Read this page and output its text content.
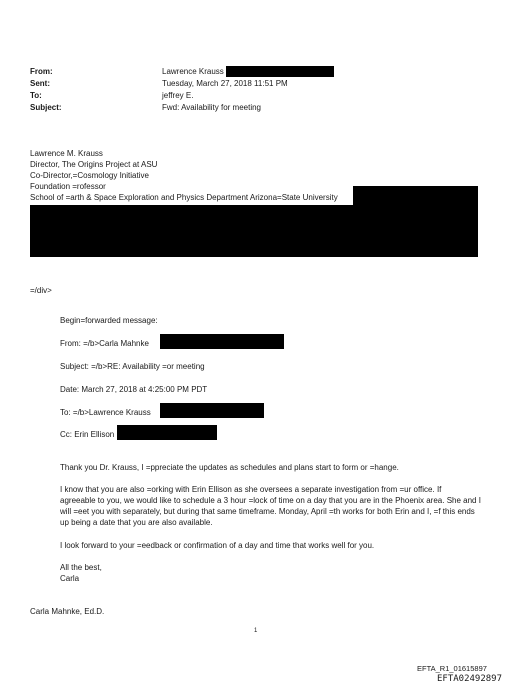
From:
Sent:
To:
Subject:
Lawrence Krauss
Tuesday, March 27, 2018 11:51 PM
jeffrey E.
Fwd: Availability for meeting
Lawrence M. Krauss
Director, The Origins Project at ASU
Co-Director,=Cosmology Initiative
Foundation =rofessor
School of =arth & Space Exploration and Physics Department Arizona=State University
=/div>
Begin=forwarded message:
From: =/b>Carla Mahnke
Subject: =/b>RE: Availability =or meeting
Date: March 27, 2018 at 4:25:00 PM PDT
To: =/b>Lawrence Krauss
Cc: Erin Ellison
Thank you Dr. Krauss, I =ppreciate the updates as schedules and plans start to form or =hange.
I know that you are also =orking with Erin Ellison as she oversees a separate investigation from =ur office. If
agreeable to you, we would like to schedule a 3 hour =lock of time on a day that you are in the Phoenix area. She and I
will =eet you with separately, but during that same timeframe. Monday, April =th works for both Erin and I, =f this ends
up being a date that you are also available.
I look forward to your =eedback or confirmation of a day and time that works well for you.
All the best,
Carla
Carla Mahnke, Ed.D.
1
EFTA_R1_01615897
EFTA02492897
